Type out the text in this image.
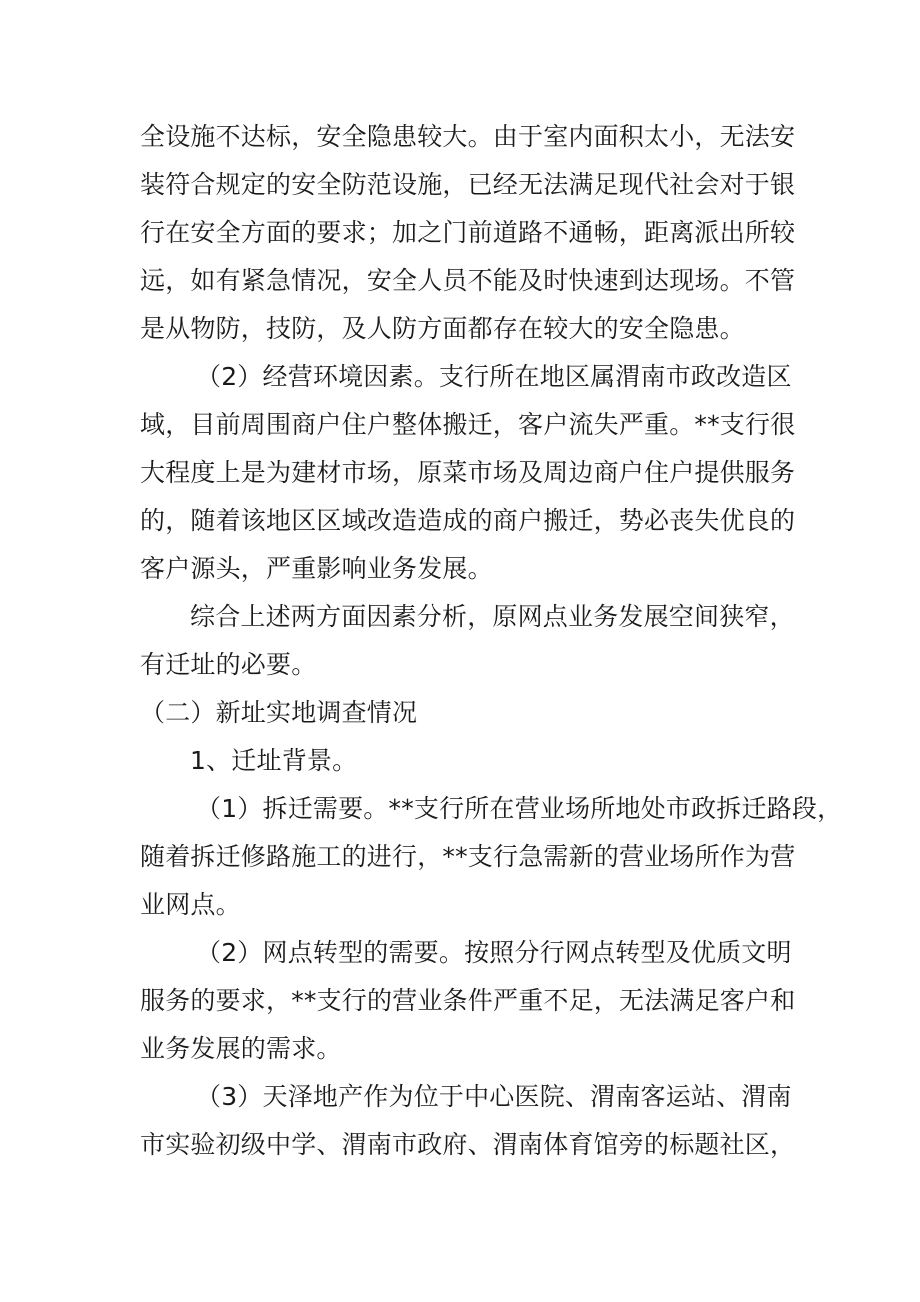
全设施不达标，安全隐患较大。由于室内面积太小，无法安
装符合规定的安全防范设施，已经无法满足现代社会对于银
行在安全方面的要求；加之门前道路不通畅，距离派出所较
远，如有紧急情况，安全人员不能及时快速到达现场。不管
是从物防，技防，及人防方面都存在较大的安全隐患。
（2）经营环境因素。支行所在地区属渭南市政改造区
域，目前周围商户住户整体搬迁，客户流失严重。**支行很
大程度上是为建材市场，原菜市场及周边商户住户提供服务
的，随着该地区区域改造造成的商户搬迁，势必丧失优良的
客户源头，严重影响业务发展。
综合上述两方面因素分析，原网点业务发展空间狭窄，
有迁址的必要。
（二）新址实地调查情况
1、迁址背景。
（1）拆迁需要。**支行所在营业场所地处市政拆迁路段，
随着拆迁修路施工的进行，**支行急需新的营业场所作为营
业网点。
（2）网点转型的需要。按照分行网点转型及优质文明
服务的要求，**支行的营业条件严重不足，无法满足客户和
业务发展的需求。
（3）天泽地产作为位于中心医院、渭南客运站、渭南
市实验初级中学、渭南市政府、渭南体育馆旁的标题社区，
